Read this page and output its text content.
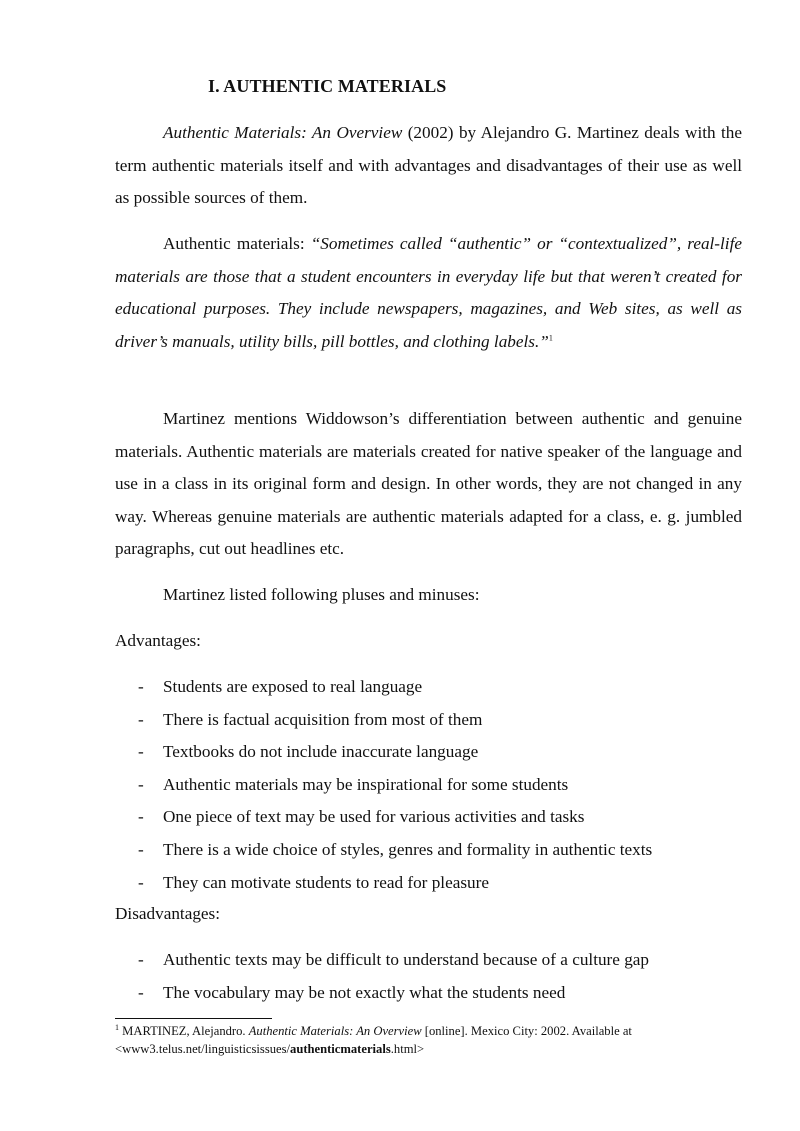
I. AUTHENTIC MATERIALS

Authentic Materials: An Overview (2002) by Alejandro G. Martinez deals with the term authentic materials itself and with advantages and disadvantages of their use as well as possible sources of them.

Authentic materials: “Sometimes called “authentic” or “contextualized”, real-life materials are those that a student encounters in everyday life but that weren’t created for educational purposes. They include newspapers, magazines, and Web sites, as well as driver’s manuals, utility bills, pill bottles, and clothing labels.”$^1$

Martinez mentions Widdowson’s differentiation between authentic and genuine materials. Authentic materials are materials created for native speaker of the language and use in a class in its original form and design. In other words, they are not changed in any way. Whereas genuine materials are authentic materials adapted for a class, e. g. jumbled paragraphs, cut out headlines etc.

Martinez listed following pluses and minuses:

Advantages:

- Students are exposed to real language
- There is factual acquisition from most of them
- Textbooks do not include inaccurate language
- Authentic materials may be inspirational for some students
- One piece of text may be used for various activities and tasks
- There is a wide choice of styles, genres and formality in authentic texts
- They can motivate students to read for pleasure

Disadvantages:

- Authentic texts may be difficult to understand because of a culture gap
- The vocabulary may be not exactly what the students need
$^1$ MARTINEZ, Alejandro. Authentic Materials: An Overview [online]. Mexico City: 2002. Available at
<www3.telus.net/linguisticsissues/authenticmaterials.html>
